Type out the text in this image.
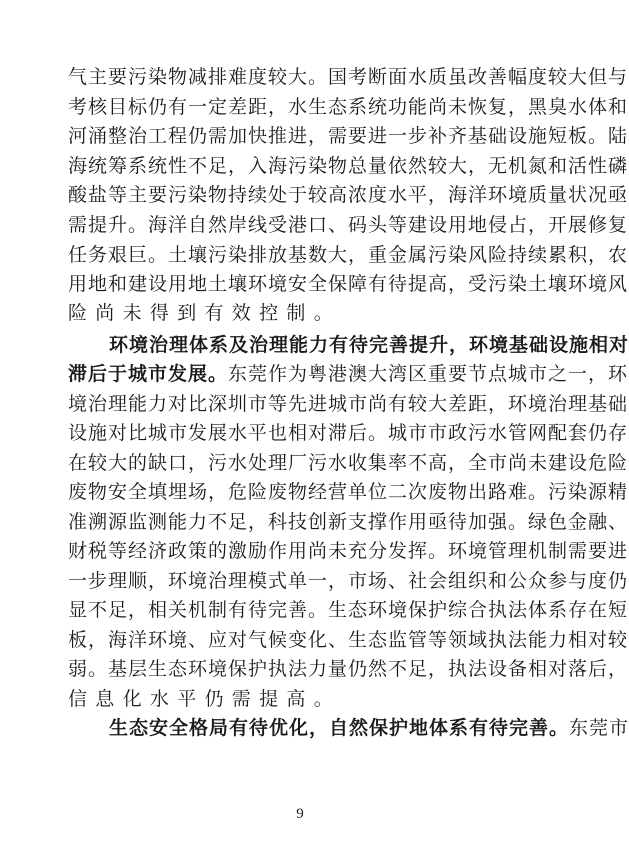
气主要污染物减排难度较大。国考断面水质虽改善幅度较大但与
考核目标仍有一定差距，水生态系统功能尚未恢复，黑臭水体和
河涌整治工程仍需加快推进，需要进一步补齐基础设施短板。陆
海统筹系统性不足，入海污染物总量依然较大，无机氮和活性磷
酸盐等主要污染物持续处于较高浓度水平，海洋环境质量状况亟
需提升。海洋自然岸线受港口、码头等建设用地侵占，开展修复
任务艰巨。土壤污染排放基数大，重金属污染风险持续累积，农
用地和建设用地土壤环境安全保障有待提高，受污染土壤环境风
险尚未得到有效控制。
环境治理体系及治理能力有待完善提升，环境基础设施相对
滞后于城市发展。东莞作为粤港澳大湾区重要节点城市之一，环
境治理能力对比深圳市等先进城市尚有较大差距，环境治理基础
设施对比城市发展水平也相对滞后。城市市政污水管网配套仍存
在较大的缺口，污水处理厂污水收集率不高，全市尚未建设危险
废物安全填埋场，危险废物经营单位二次废物出路难。污染源精
准溯源监测能力不足，科技创新支撑作用亟待加强。绿色金融、
财税等经济政策的激励作用尚未充分发挥。环境管理机制需要进
一步理顺，环境治理模式单一，市场、社会组织和公众参与度仍
显不足，相关机制有待完善。生态环境保护综合执法体系存在短
板，海洋环境、应对气候变化、生态监管等领域执法能力相对较
弱。基层生态环境保护执法力量仍然不足，执法设备相对落后，
信息化水平仍需提高。
生态安全格局有待优化，自然保护地体系有待完善。东莞市
9
